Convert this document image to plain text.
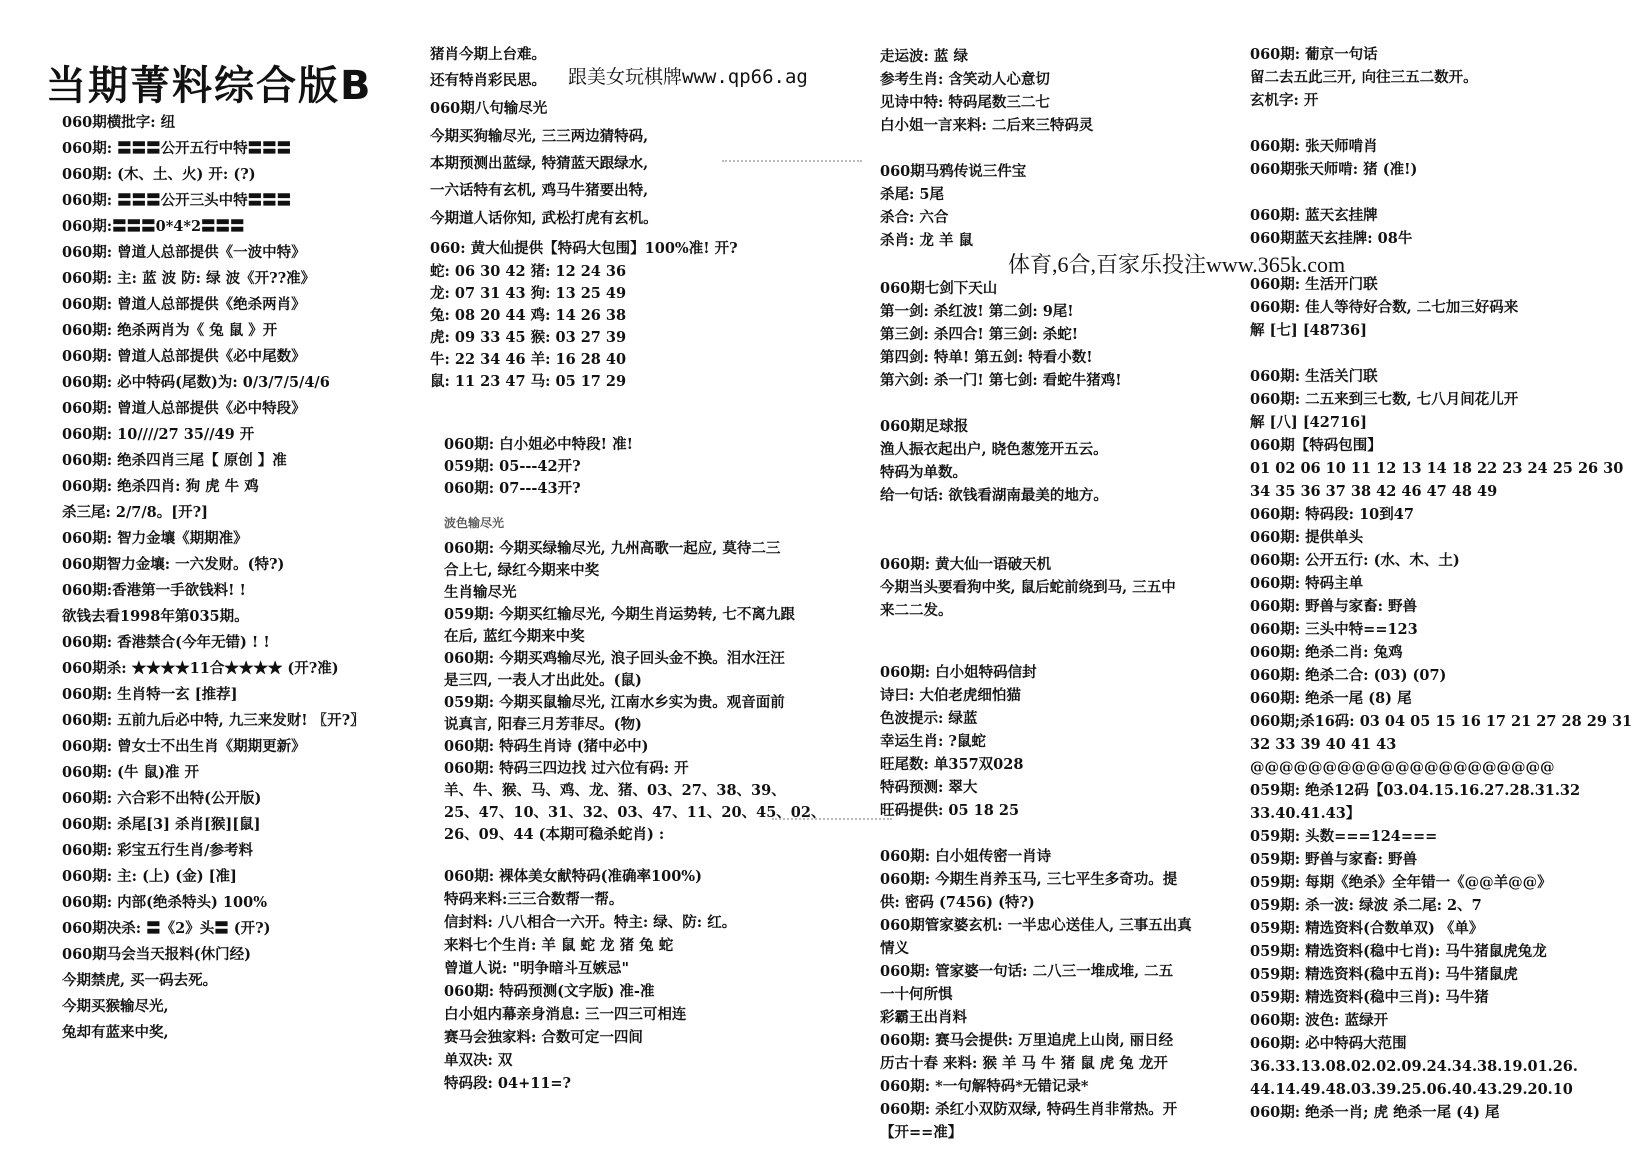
当期菁料综合版B
060期横批字: 纽
060期: 〓〓〓公开五行中特〓〓〓
060期: (木、土、火) 开: (?)
060期: 〓〓〓公开三头中特〓〓〓
060期:〓〓〓0*4*2〓〓〓
060期: 曾道人总部提供《一波中特》
060期: 主: 蓝 波 防: 绿 波《开??准》
060期: 曾道人总部提供《绝杀两肖》
060期: 绝杀两肖为《 兔 鼠 》开
060期: 曾道人总部提供《必中尾数》
060期: 必中特码(尾数)为: 0/3/7/5/4/6
060期: 曾道人总部提供《必中特段》
060期: 10////27 35//49 开
060期: 绝杀四肖三尾【 原创 】准
060期: 绝杀四肖: 狗 虎 牛 鸡
杀三尾: 2/7/8。[开?]
060期: 智力金壤《期期准》
060期智力金壤: 一六发财。(特?)
060期:香港第一手欲钱料! !
欲钱去看1998年第035期。
060期: 香港禁合(今年无错) ! !
060期杀: ★★★★11合★★★★ (开?准)
060期: 生肖特一玄 [推荐]
060期: 五前九后必中特, 九三来发财! 〖开?〗
060期: 曾女士不出生肖《期期更新》
060期: (牛 鼠)准 开
060期: 六合彩不出特(公开版)
060期: 杀尾[3] 杀肖[猴][鼠]
060期: 彩宝五行生肖/参考料
060期: 主: (上) (金) [准]
060期: 内部(绝杀特头) 100%
060期决杀: 〓《2》头〓 (开?)
060期马会当天报料(休门经)
今期禁虎, 买一码去死。
今期买猴输尽光,
兔却有蓝来中奖,
猪肖今期上台难。
还有特肖彩民思。
060期八句输尽光
今期买狗输尽光, 三三两边猜特码,
本期预测出蓝绿, 特猜蓝天跟绿水,
一六话特有玄机, 鸡马牛猪要出特,
今期道人话你知, 武松打虎有玄机。
060: 黄大仙提供【特码大包围】100%准! 开?
蛇: 06 30 42 猪: 12 24 36
龙: 07 31 43 狗: 13 25 49
兔: 08 20 44 鸡: 14 26 38
虎: 09 33 45 猴: 03 27 39
牛: 22 34 46 羊: 16 28 40
鼠: 11 23 47 马: 05 17 29
060期: 白小姐必中特段! 准!
059期: 05---42开?
060期: 07---43开?
波色输尽光
060期: 今期买绿输尽光, 九州高歌一起应, 莫待二三
合上七, 绿红今期来中奖
生肖输尽光
059期: 今期买红输尽光, 今期生肖运势转, 七不离九跟
在后, 蓝红今期来中奖
060期: 今期买鸡输尽光, 浪子回头金不换。泪水汪汪
是三四, 一表人才出此处。(鼠)
059期: 今期买鼠输尽光, 江南水乡实为贵。观音面前
说真言, 阳春三月芳菲尽。(物)
060期: 特码生肖诗 (猪中必中)
060期: 特码三四边找 过六位有码: 开
羊、牛、猴、马、鸡、龙、猪、03、27、38、39、
25、47、10、31、32、03、47、11、20、45、02、
26、09、44 (本期可稳杀蛇肖) :
060期: 裸体美女献特码(准确率100%)
特码来料:三三合数帮一帮。
信封料: 八八相合一六开。特主: 绿、防: 红。
来料七个生肖: 羊 鼠 蛇 龙 猪 兔 蛇
曾道人说: "明争暗斗互嫉忌"
060期: 特码预测(文字版) 准-准
白小姐内幕亲身消息: 三一四三可相连
赛马会独家料: 合数可定一四间
单双决: 双
特码段: 04+11=?
跟美女玩棋牌www.qp66.ag
走运波: 蓝 绿
参考生肖: 含笑动人心意切
见诗中特: 特码尾数三二七
白小姐一言来料: 二后来三特码灵
060期马鸦传说三件宝
杀尾: 5尾
杀合: 六合
杀肖: 龙 羊 鼠
060期七剑下天山
第一剑: 杀红波! 第二剑: 9尾!
第三剑: 杀四合! 第三剑: 杀蛇!
第四剑: 特单! 第五剑: 特看小数!
第六剑: 杀一门! 第七剑: 看蛇牛猪鸡!
060期足球报
渔人振衣起出户, 晓色葱笼开五云。
特码为单数。
给一句话: 欲钱看湖南最美的地方。
060期: 黄大仙一语破天机
今期当头要看狗中奖, 鼠后蛇前绕到马, 三五中
来二二发。
060期: 白小姐特码信封
诗曰: 大伯老虎细怕猫
色波提示: 绿蓝
幸运生肖: ?鼠蛇
旺尾数: 单357双028
特码预测: 翠大
旺码提供: 05 18 25
060期: 白小姐传密一肖诗
060期: 今期生肖养玉马, 三七平生多奇功。提
供: 密码 (7456) (特?)
060期管家婆玄机: 一半忠心送佳人, 三事五出真
情义
060期: 管家婆一句话: 二八三一堆成堆, 二五
一十何所惧
彩霸王出肖料
060期: 赛马会提供: 万里追虎上山岗, 丽日经
历古十春 来料: 猴 羊 马 牛 猪 鼠 虎 兔 龙开
060期: *一句解特码*无错记录*
060期: 杀红小双防双绿, 特码生肖非常热。开
【开==准】
体育,6合,百家乐投注www.365k.com
060期: 葡京一句话
留二去五此三开, 向往三五二数开。
玄机字: 开
060期: 张天师啃肖
060期张天师啃: 猪 (准!)
060期: 蓝天玄挂牌
060期蓝天玄挂牌: 08牛
060期: 生活开门联
060期: 佳人等待好合数, 二七加三好码来
解 [七] [48736]
060期: 生活关门联
060期: 二五来到三七数, 七八月间花儿开
解 [八] [42716]
060期【特码包围】
01 02 06 10 11 12 13 14 18 22 23 24 25 26 30
34 35 36 37 38 42 46 47 48 49
060期: 特码段: 10到47
060期: 提供单头
060期: 公开五行: (水、木、土)
060期: 特码主单
060期: 野兽与家畜: 野兽
060期: 三头中特==123
060期: 绝杀二肖: 兔鸡
060期: 绝杀二合: (03) (07)
060期: 绝杀一尾 (8) 尾
060期;杀16码: 03 04 05 15 16 17 21 27 28 29 31
32 33 39 40 41 43
@@@@@@@@@@@@@@@@@@@@@
059期: 绝杀12码【03.04.15.16.27.28.31.32
33.40.41.43】
059期: 头数===124===
059期: 野兽与家畜: 野兽
059期: 每期《绝杀》全年错一《@@羊@@》
059期: 杀一波: 绿波 杀二尾: 2、7
059期: 精选资料(合数单双) 《单》
059期: 精选资料(稳中七肖): 马牛猪鼠虎兔龙
059期: 精选资料(稳中五肖): 马牛猪鼠虎
059期: 精选资料(稳中三肖): 马牛猪
060期: 波色: 蓝绿开
060期: 必中特码大范围
36.33.13.08.02.02.09.24.34.38.19.01.26.
44.14.49.48.03.39.25.06.40.43.29.20.10
060期: 绝杀一肖; 虎 绝杀一尾 (4) 尾
